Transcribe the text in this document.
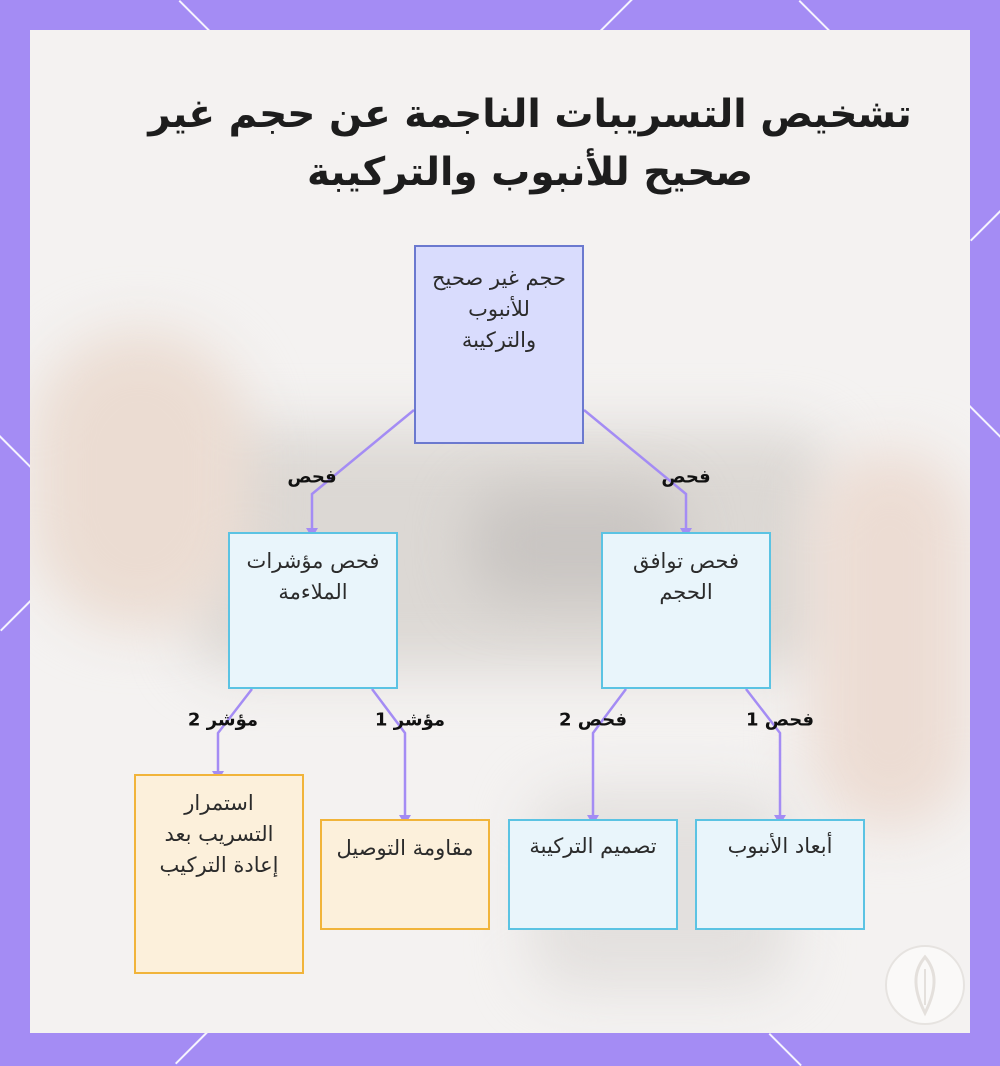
تشخيص التسريبات الناجمة عن حجم غير صحيح للأنبوب والتركيبة
حجم غير صحيح للأنبوب والتركيبة
فحص مؤشرات الملاءمة
فحص توافق الحجم
استمرار التسريب بعد إعادة التركيب
مقاومة التوصيل	تصميم التركيبة	أبعاد الأنبوب
فحص	فحص
مؤشر 2	مؤشر 1	فحص 2	فحص 1
